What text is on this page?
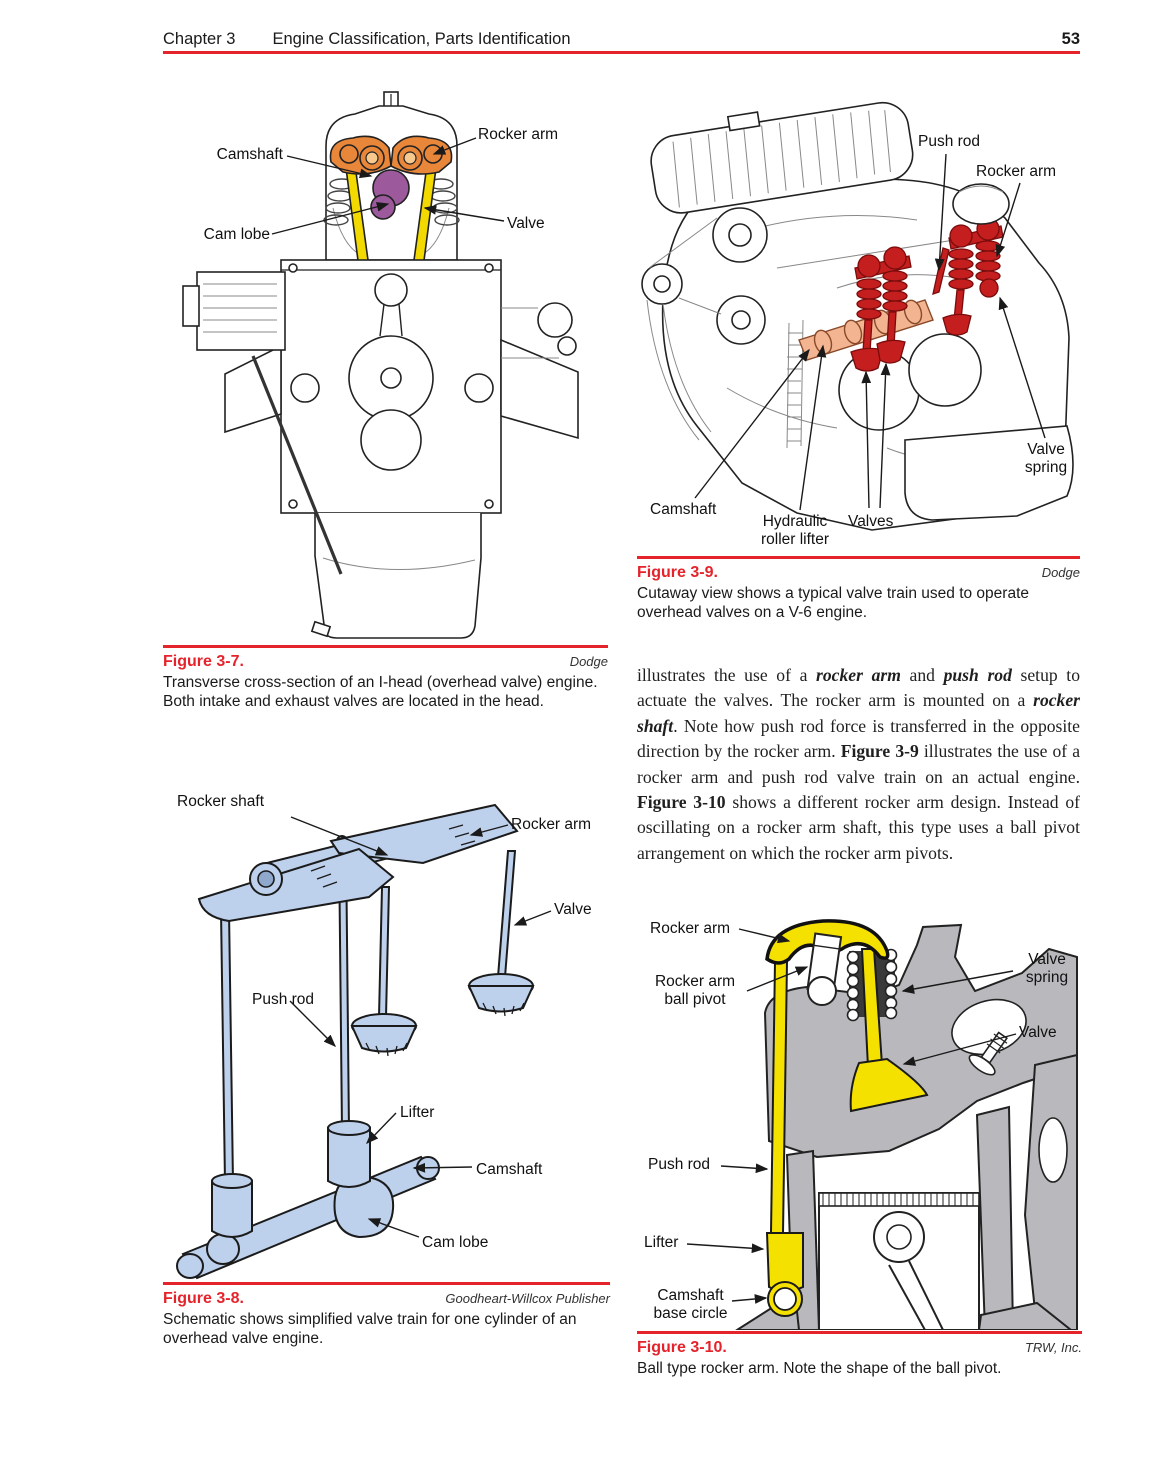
Chapter 3 Engine Classification, Parts Identification	53
Camshaft
Rocker arm
Cam lobe
Valve
Figure 3-7.	Dodge
Transverse cross-section of an I-head (overhead valve) engine. Both intake and exhaust valves are located in the head.
Push rod
Rocker arm
Valve spring
Camshaft
Hydraulic roller lifter
Valves
Figure 3-9.	Dodge
Cutaway view shows a typical valve train used to operate overhead valves on a V-6 engine.
illustrates the use of a rocker arm and push rod setup to actuate the valves. The rocker arm is mounted on a rocker shaft. Note how push rod force is transferred in the opposite direction by the rocker arm. Figure 3-9 illustrates the use of a rocker arm and push rod valve train on an actual engine. Figure 3-10 shows a different rocker arm design. Instead of oscillating on a rocker arm shaft, this type uses a ball pivot arrangement on which the rocker arm pivots.
Rocker shaft
Rocker arm
Valve
Push rod
Lifter
Camshaft
Cam lobe
Figure 3-8.	Goodheart-Willcox Publisher
Schematic shows simplified valve train for one cylinder of an overhead valve engine.
Rocker arm
Rocker arm ball pivot
Valve spring
Valve
Push rod
Lifter
Camshaft base circle
Figure 3-10.	TRW, Inc.
Ball type rocker arm. Note the shape of the ball pivot.
